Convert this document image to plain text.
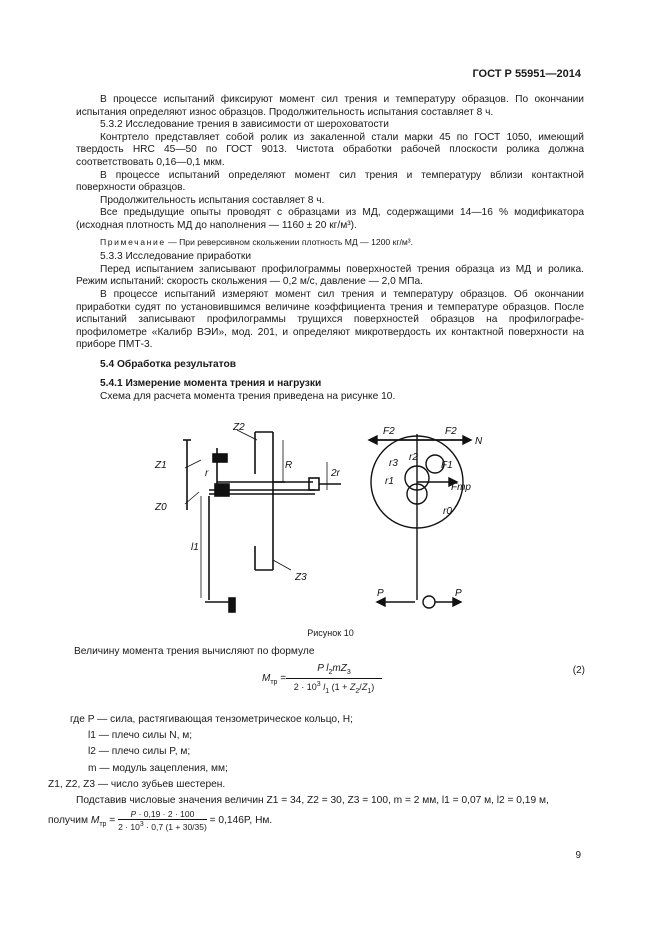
ГОСТ Р 55951—2014

В процессе испытаний фиксируют момент сил трения и температуру образцов. По окончании испытания определяют износ образцов. Продолжительность испытания составляет 8 ч.

5.3.2 Исследование трения в зависимости от шероховатости

Контртело представляет собой ролик из закаленной стали марки 45 по ГОСТ 1050, имеющий твердость HRC 45—50 по ГОСТ 9013. Чистота обработки рабочей плоскости ролика должна соответствовать 0,16—0,1 мкм.

В процессе испытаний определяют момент сил трения и температуру вблизи контактной поверхности образцов.

Продолжительность испытания составляет 8 ч.

Все предыдущие опыты проводят с образцами из МД, содержащими 14—16 % модификатора (исходная плотность МД до наполнения — 1160 ± 20 кг/м³).

Примечание — При реверсивном скольжении плотность МД — 1200 кг/м³.

5.3.3 Исследование приработки

Перед испытанием записывают профилограммы поверхностей трения образца из МД и ролика. Режим испытаний: скорость скольжения — 0,2 м/с, давление — 2,0 МПа.

В процессе испытаний измеряют момент сил трения и температуру образцов. Об окончании приработки судят по установившимся величине коэффициента трения и температуре образцов. После испытаний записывают профилограммы трущихся поверхностей образцов на профилографе-профилометре «Калибр ВЭИ», мод. 201, и определяют микротвердость их контактной поверхности на приборе ПМТ-3.

5.4 Обработка результатов

5.4.1 Измерение момента трения и нагрузки

Схема для расчета момента трения приведена на рисунке 10.

Z2
Z1
Z0
Z3
R
r
l1
2r
F2	F2
N
r3
r2
F1
r1
Fтр
r0
P	P
Рисунок 10

Величину момента трения вычисляют по формуле

$M_{тр} = \frac{P l_2mZ_3}{2 \cdot 10^3 l_1 (1 + Z_2/Z_1)}$	(2)
где P — сила, растягивающая тензометрическое кольцо, Н;
l1 — плечо силы N, м;
l2 — плечо силы P, м;
m — модуль зацепления, мм;
Z1, Z2, Z3 — число зубьев шестерен.
Подставив числовые значения величин Z1 = 34, Z2 = 30, Z3 = 100, m = 2 мм, l1 = 0,07 м, l2 = 0,19 м,
получим $M_{тр} = \frac{P \cdot 0,19 \cdot 2 \cdot 100}{2 \cdot 10^3 \cdot 0,7 (1 + 30/35)} = 0,146P$, Нм.
9
